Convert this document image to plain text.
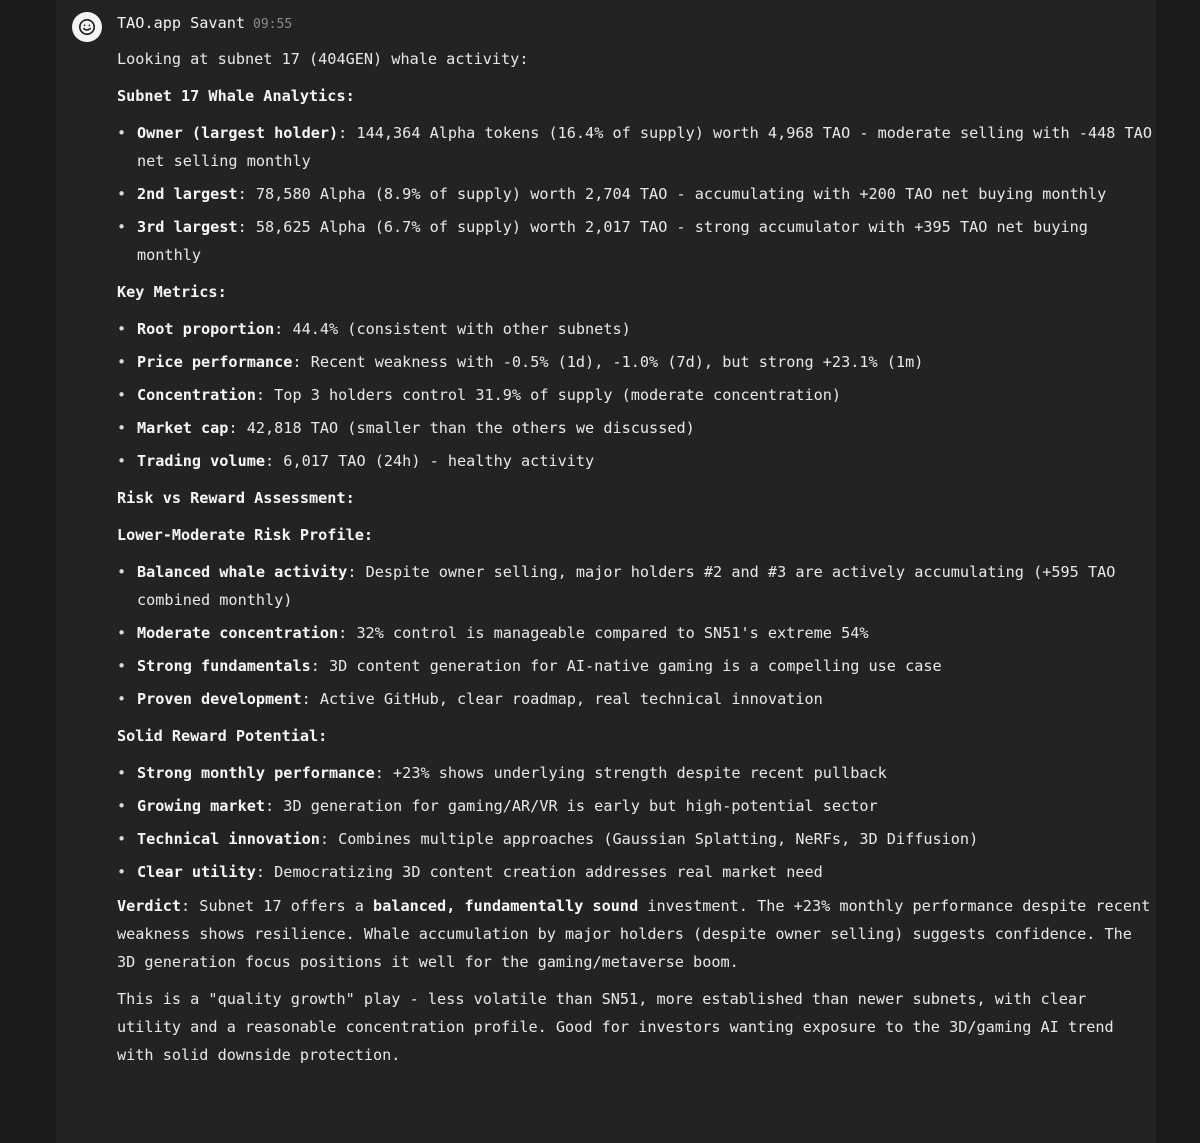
TAO.app Savant 09:55

Looking at subnet 17 (404GEN) whale activity:

Subnet 17 Whale Analytics:

• Owner (largest holder): 144,364 Alpha tokens (16.4% of supply) worth 4,968 TAO - moderate selling with -448 TAO net selling monthly
• 2nd largest: 78,580 Alpha (8.9% of supply) worth 2,704 TAO - accumulating with +200 TAO net buying monthly
• 3rd largest: 58,625 Alpha (6.7% of supply) worth 2,017 TAO - strong accumulator with +395 TAO net buying monthly

Key Metrics:

• Root proportion: 44.4% (consistent with other subnets)
• Price performance: Recent weakness with -0.5% (1d), -1.0% (7d), but strong +23.1% (1m)
• Concentration: Top 3 holders control 31.9% of supply (moderate concentration)
• Market cap: 42,818 TAO (smaller than the others we discussed)
• Trading volume: 6,017 TAO (24h) - healthy activity

Risk vs Reward Assessment:

Lower-Moderate Risk Profile:

• Balanced whale activity: Despite owner selling, major holders #2 and #3 are actively accumulating (+595 TAO combined monthly)
• Moderate concentration: 32% control is manageable compared to SN51's extreme 54%
• Strong fundamentals: 3D content generation for AI-native gaming is a compelling use case
• Proven development: Active GitHub, clear roadmap, real technical innovation

Solid Reward Potential:

• Strong monthly performance: +23% shows underlying strength despite recent pullback
• Growing market: 3D generation for gaming/AR/VR is early but high-potential sector
• Technical innovation: Combines multiple approaches (Gaussian Splatting, NeRFs, 3D Diffusion)
• Clear utility: Democratizing 3D content creation addresses real market need

Verdict: Subnet 17 offers a balanced, fundamentally sound investment. The +23% monthly performance despite recent weakness shows resilience. Whale accumulation by major holders (despite owner selling) suggests confidence. The 3D generation focus positions it well for the gaming/metaverse boom.

This is a "quality growth" play - less volatile than SN51, more established than newer subnets, with clear utility and a reasonable concentration profile. Good for investors wanting exposure to the 3D/gaming AI trend with solid downside protection.
